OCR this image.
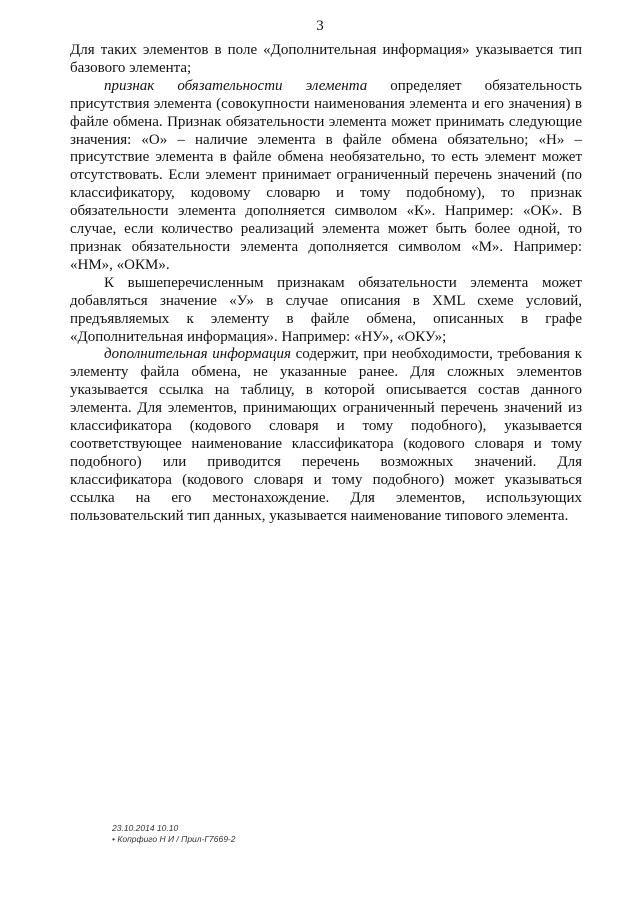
3

Для таких элементов в поле «Дополнительная информация» указывается тип базового элемента;

признак обязательности элемента определяет обязательность присутствия элемента (совокупности наименования элемента и его значения) в файле обмена. Признак обязательности элемента может принимать следующие значения: «О» – наличие элемента в файле обмена обязательно; «Н» – присутствие элемента в файле обмена необязательно, то есть элемент может отсутствовать. Если элемент принимает ограниченный перечень значений (по классификатору, кодовому словарю и тому подобному), то признак обязательности элемента дополняется символом «К». Например: «ОК». В случае, если количество реализаций элемента может быть более одной, то признак обязательности элемента дополняется символом «М». Например: «НМ», «ОКМ».

К вышеперечисленным признакам обязательности элемента может добавляться значение «У» в случае описания в XML схеме условий, предъявляемых к элементу в файле обмена, описанных в графе «Дополнительная информация». Например: «НУ», «ОКУ»;

дополнительная информация содержит, при необходимости, требования к элементу файла обмена, не указанные ранее. Для сложных элементов указывается ссылка на таблицу, в которой описывается состав данного элемента. Для элементов, принимающих ограниченный перечень значений из классификатора (кодового словаря и тому подобного), указывается соответствующее наименование классификатора (кодового словаря и тому подобного) или приводится перечень возможных значений. Для классификатора (кодового словаря и тому подобного) может указываться ссылка на его местонахождение. Для элементов, использующих пользовательский тип данных, указывается наименование типового элемента.

23.10.2014 10.10
• Копрфиго Н И / Прил-Г7669-2
